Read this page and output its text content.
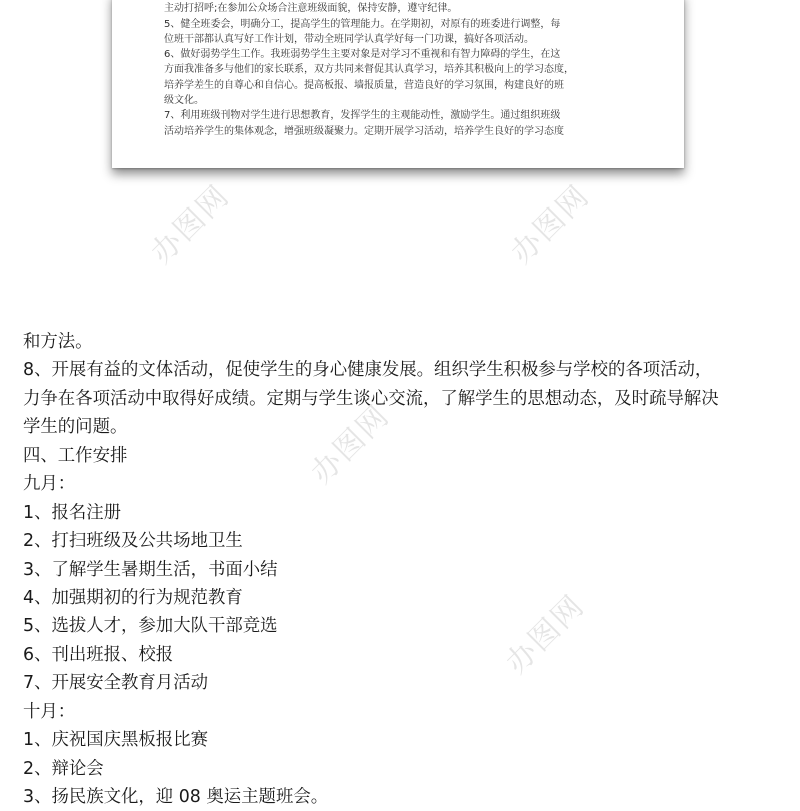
主动打招呼;在参加公众场合注意班级面貌，保持安静，遵守纪律。
5、健全班委会，明确分工，提高学生的管理能力。在学期初，对原有的班委进行调整，每
位班干部都认真写好工作计划，带动全班同学认真学好每一门功课，搞好各项活动。
6、做好弱势学生工作。我班弱势学生主要对象是对学习不重视和有智力障碍的学生，在这
方面我准备多与他们的家长联系，双方共同来督促其认真学习，培养其积极向上的学习态度，
培养学差生的自尊心和自信心。提高板报、墙报质量，营造良好的学习氛围，构建良好的班
级文化。
7、利用班级刊物对学生进行思想教育，发挥学生的主观能动性，激励学生。通过组织班级
活动培养学生的集体观念，增强班级凝聚力。定期开展学习活动，培养学生良好的学习态度
办图网	办图网
办图网
办图网
和方法。
8、开展有益的文体活动，促使学生的身心健康发展。组织学生积极参与学校的各项活动，
力争在各项活动中取得好成绩。定期与学生谈心交流，了解学生的思想动态，及时疏导解决
学生的问题。
四、工作安排
九月：
1、报名注册
2、打扫班级及公共场地卫生
3、了解学生暑期生活，书面小结
4、加强期初的行为规范教育
5、选拔人才，参加大队干部竞选
6、刊出班报、校报
7、开展安全教育月活动
十月：
1、庆祝国庆黑板报比赛
2、辩论会
3、扬民族文化，迎 08 奥运主题班会。
